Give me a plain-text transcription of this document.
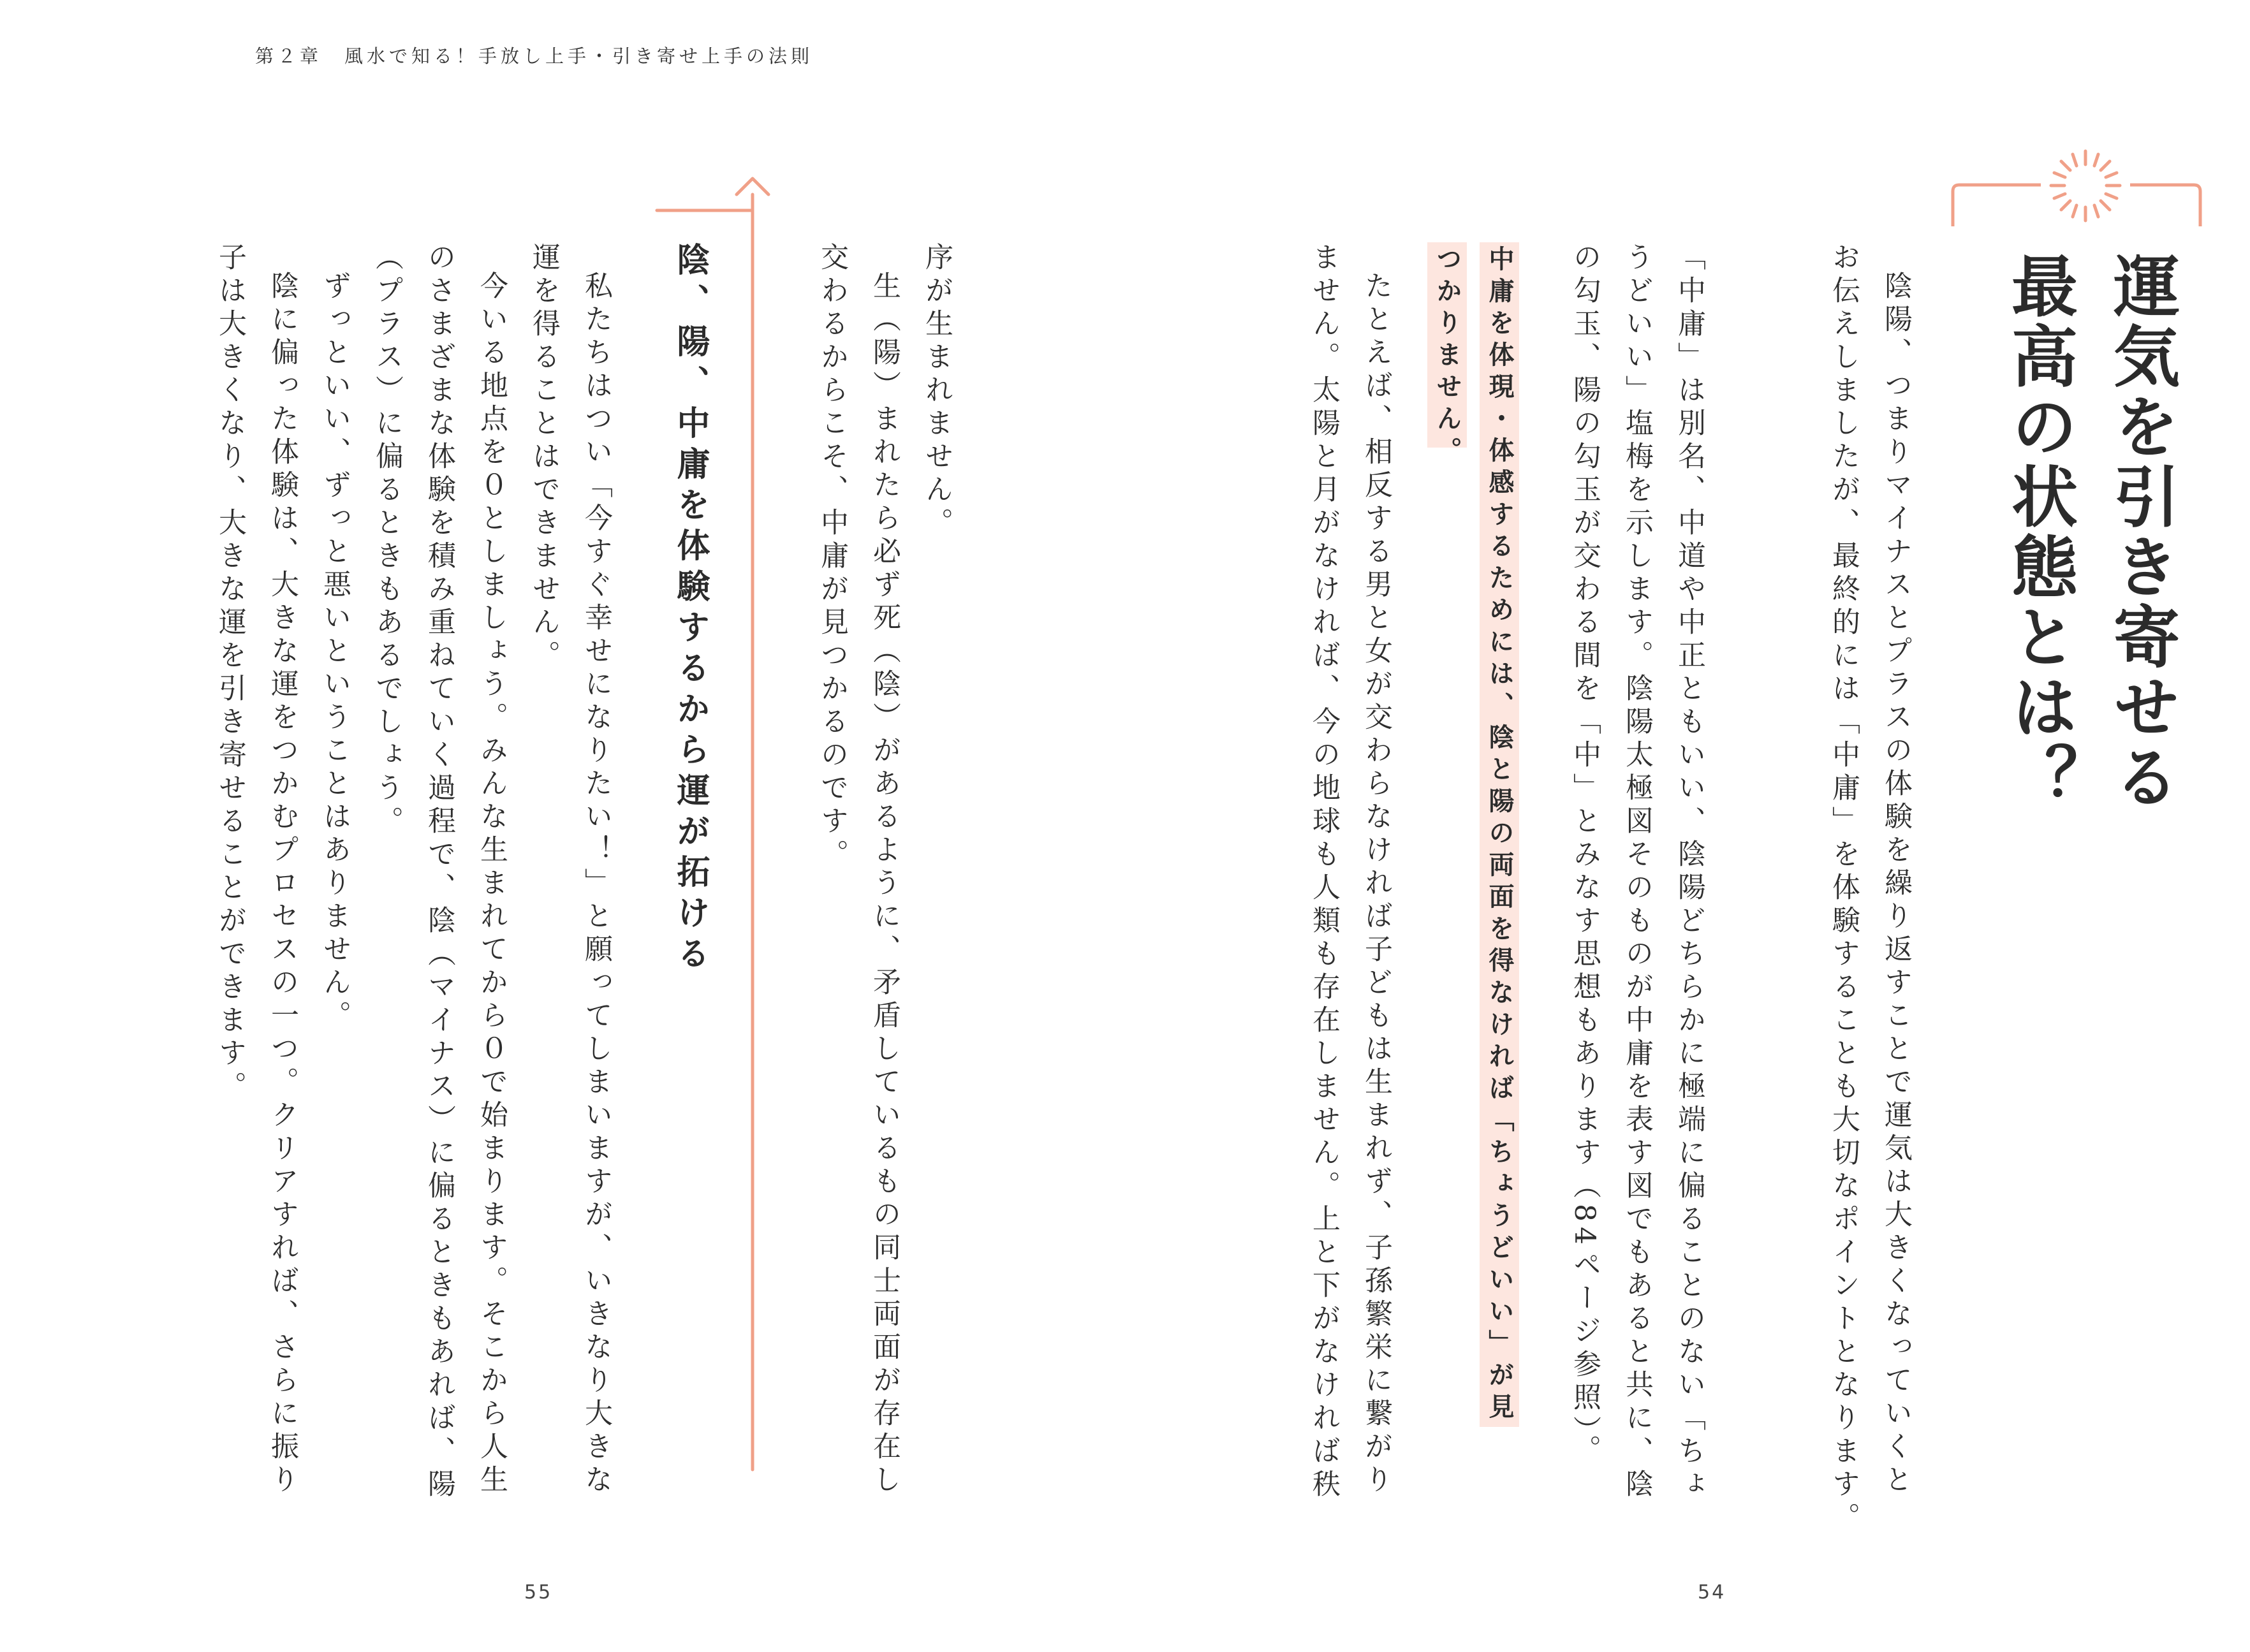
第２章　風水で知る！手放し上手・引き寄せ上手の法則
運気を引き寄せる
最高の状態とは？
陰陽、つまりマイナスとプラスの体験を繰り返すことで運気は大きくなっていくと
お伝えしましたが、最終的には「中庸」を体験することも大切なポイントとなります。
「中庸」は別名、中道や中正ともいい、陰陽どちらかに極端に偏ることのない「ちょ
うどいい」塩梅を示します。陰陽太極図そのものが中庸を表す図でもあると共に、陰
の勾玉、陽の勾玉が交わる間を「中」とみなす思想もあります（84ページ参照）。
中庸を体現・体感するためには、陰と陽の両面を得なければ「ちょうどいい」が見
つかりません。
たとえば、相反する男と女が交わらなければ子どもは生まれず、子孫繁栄に繋がり
ません。太陽と月がなければ、今の地球も人類も存在しません。上と下がなければ秩
54
序が生まれません。
生（陽）まれたら必ず死（陰）があるように、矛盾しているもの同士両面が存在し
交わるからこそ、中庸が見つかるのです。
陰、陽、中庸を体験するから運が拓ける
私たちはつい「今すぐ幸せになりたい！」と願ってしまいますが、いきなり大きな
運を得ることはできません。
今いる地点を０としましょう。みんな生まれてから０で始まります。そこから人生
のさまざまな体験を積み重ねていく過程で、陰（マイナス）に偏るときもあれば、陽
（プラス）に偏るときもあるでしょう。
ずっといい、ずっと悪いということはありません。
陰に偏った体験は、大きな運をつかむプロセスの一つ。クリアすれば、さらに振り
子は大きくなり、大きな運を引き寄せることができます。
55
